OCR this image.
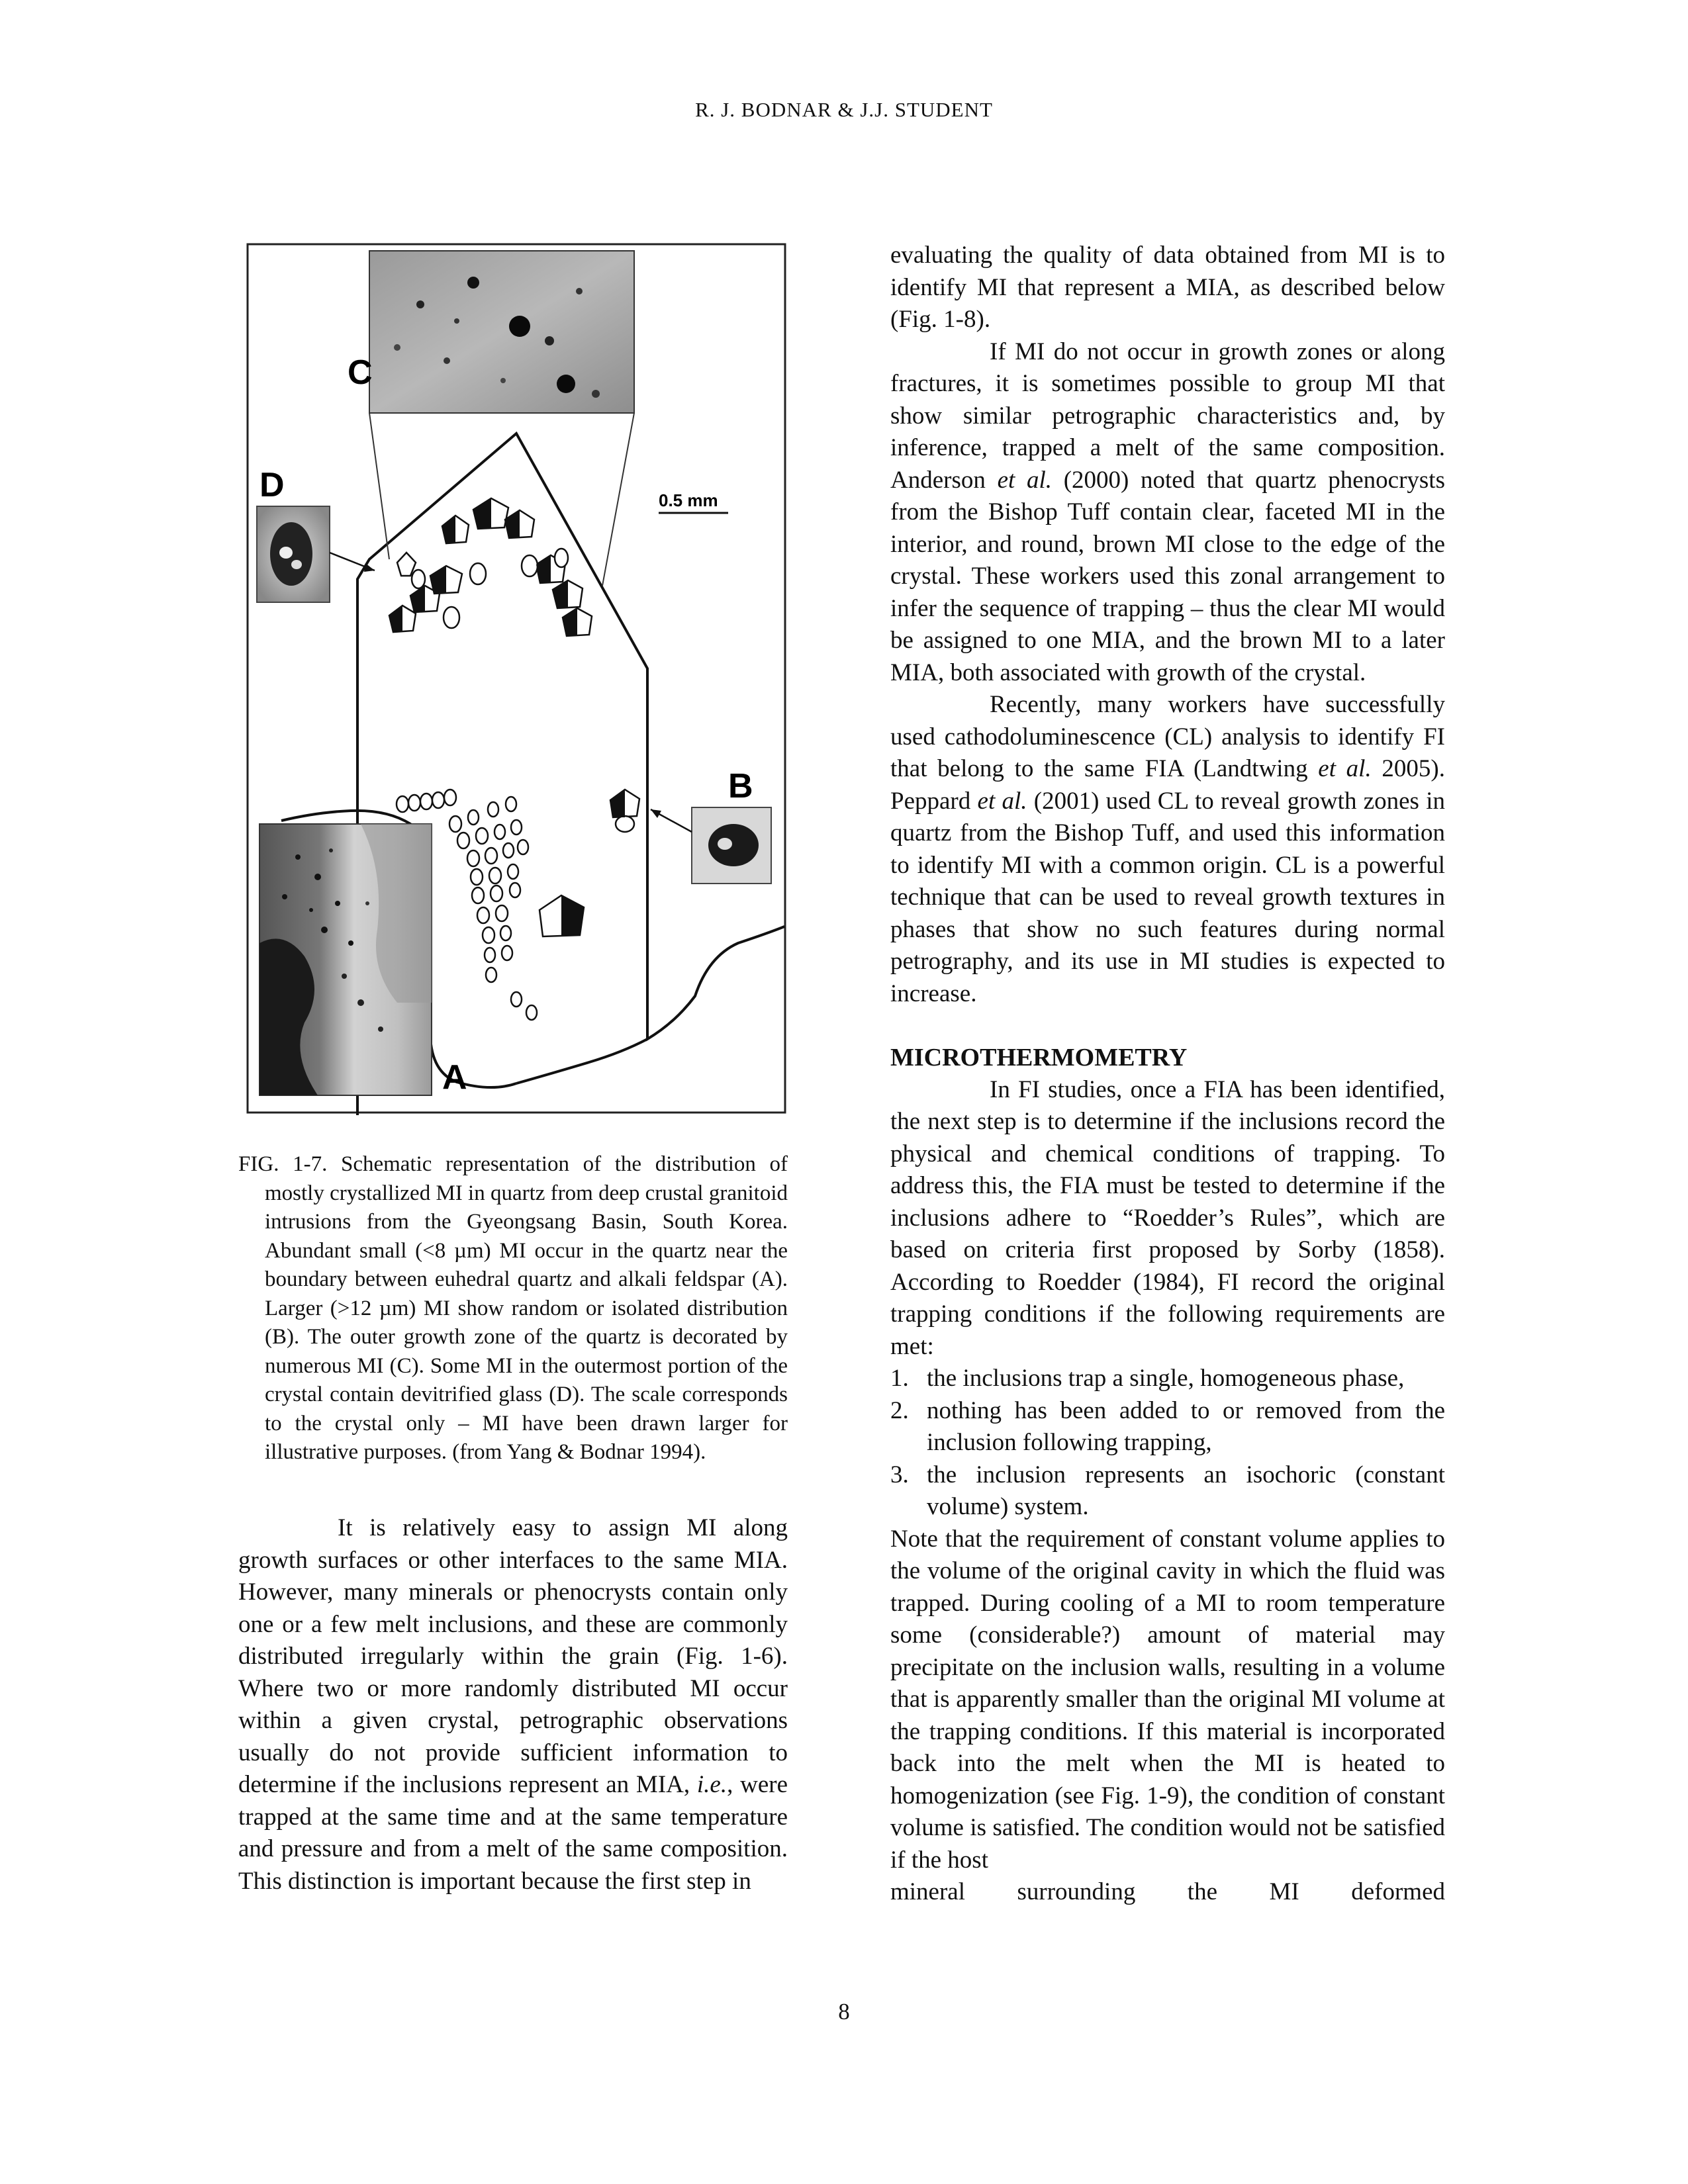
R. J. BODNAR & J.J. STUDENT
0.5 mm
C
D
B
A

FIG. 1-7. Schematic representation of the distribution of mostly crystallized MI in quartz from deep crustal granitoid intrusions from the Gyeongsang Basin, South Korea. Abundant small (<8 µm) MI occur in the quartz near the boundary between euhedral quartz and alkali feldspar (A). Larger (>12 µm) MI show random or isolated distribution (B). The outer growth zone of the quartz is decorated by numerous MI (C). Some MI in the outermost portion of the crystal contain devitrified glass (D). The scale corresponds to the crystal only – MI have been drawn larger for illustrative purposes. (from Yang & Bodnar 1994).

It is relatively easy to assign MI along growth surfaces or other interfaces to the same MIA. However, many minerals or phenocrysts contain only one or a few melt inclusions, and these are commonly distributed irregularly within the grain (Fig. 1-6). Where two or more randomly distributed MI occur within a given crystal, petrographic observations usually do not provide sufficient information to determine if the inclusions represent an MIA, i.e., were trapped at the same time and at the same temperature and pressure and from a melt of the same composition. This distinction is important because the first step in

evaluating the quality of data obtained from MI is to identify MI that represent a MIA, as described below (Fig. 1-8).

If MI do not occur in growth zones or along fractures, it is sometimes possible to group MI that show similar petrographic characteristics and, by inference, trapped a melt of the same composition. Anderson et al. (2000) noted that quartz phenocrysts from the Bishop Tuff contain clear, faceted MI in the interior, and round, brown MI close to the edge of the crystal. These workers used this zonal arrangement to infer the sequence of trapping – thus the clear MI would be assigned to one MIA, and the brown MI to a later MIA, both associated with growth of the crystal.

Recently, many workers have successfully used cathodoluminescence (CL) analysis to identify FI that belong to the same FIA (Landtwing et al. 2005). Peppard et al. (2001) used CL to reveal growth zones in quartz from the Bishop Tuff, and used this information to identify MI with a common origin. CL is a powerful technique that can be used to reveal growth textures in phases that show no such features during normal petrography, and its use in MI studies is expected to increase.

MICROTHERMOMETRY

In FI studies, once a FIA has been identified, the next step is to determine if the inclusions record the physical and chemical conditions of trapping. To address this, the FIA must be tested to determine if the inclusions adhere to “Roedder’s Rules”, which are based on criteria first proposed by Sorby (1858). According to Roedder (1984), FI record the original trapping conditions if the following requirements are met:

1. the inclusions trap a single, homogeneous phase,
2. nothing has been added to or removed from the inclusion following trapping,
3. the inclusion represents an isochoric (constant volume) system.

Note that the requirement of constant volume applies to the volume of the original cavity in which the fluid was trapped. During cooling of a MI to room temperature some (considerable?) amount of material may precipitate on the inclusion walls, resulting in a volume that is apparently smaller than the original MI volume at the trapping conditions. If this material is incorporated back into the melt when the MI is heated to homogenization (see Fig. 1-9), the condition of constant volume is satisfied. The condition would not be satisfied if the host

mineral surrounding the MI deformed

8
